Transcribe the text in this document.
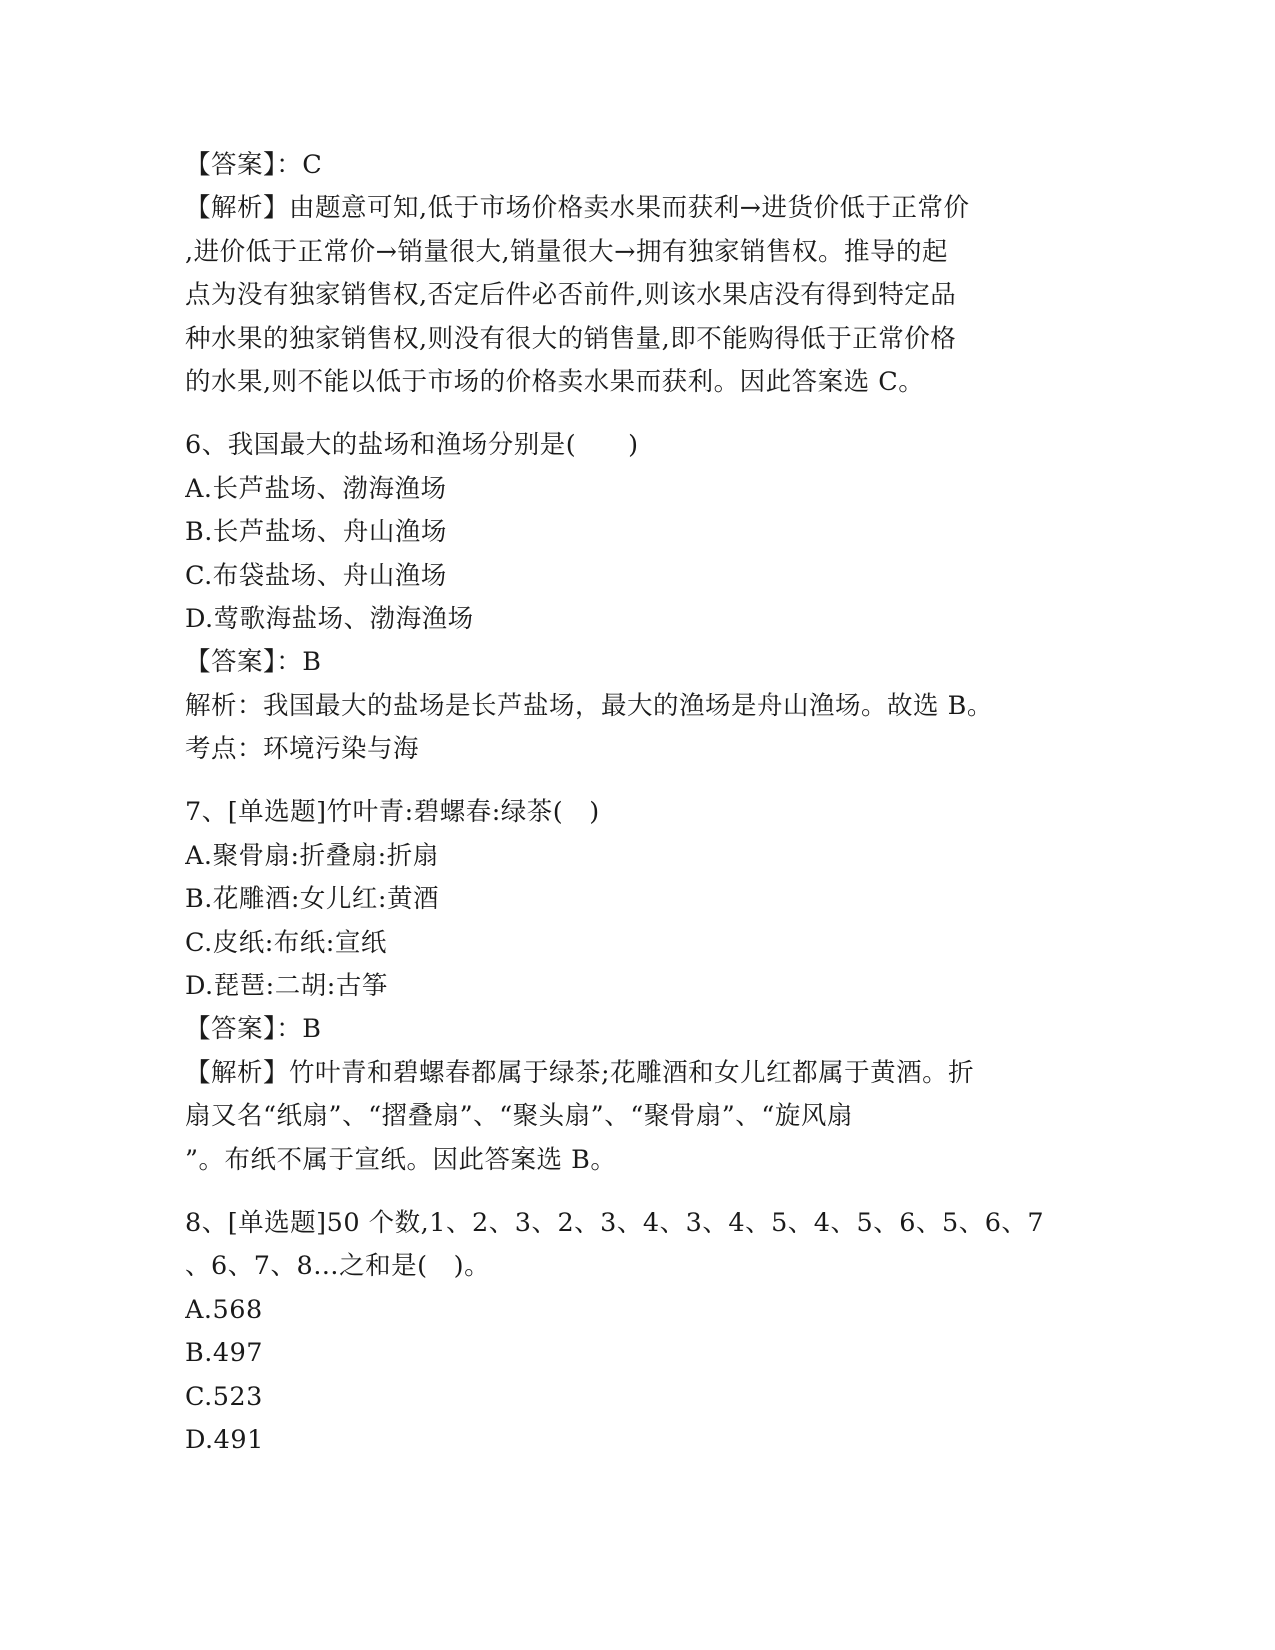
【答案】：C
【解析】由题意可知,低于市场价格卖水果而获利→进货价低于正常价
,进价低于正常价→销量很大,销量很大→拥有独家销售权。推导的起
点为没有独家销售权,否定后件必否前件,则该水果店没有得到特定品
种水果的独家销售权,则没有很大的销售量,即不能购得低于正常价格
的水果,则不能以低于市场的价格卖水果而获利。因此答案选 C。
6、我国最大的盐场和渔场分别是(　　)
A.长芦盐场、渤海渔场
B.长芦盐场、舟山渔场
C.布袋盐场、舟山渔场
D.莺歌海盐场、渤海渔场
【答案】：B
解析：我国最大的盐场是长芦盐场，最大的渔场是舟山渔场。故选 B。
考点：环境污染与海
7、[单选题]竹叶青:碧螺春:绿茶(　)
A.聚骨扇:折叠扇:折扇
B.花雕酒:女儿红:黄酒
C.皮纸:布纸:宣纸
D.琵琶:二胡:古筝
【答案】：B
【解析】竹叶青和碧螺春都属于绿茶;花雕酒和女儿红都属于黄酒。折
扇又名“纸扇”、“摺叠扇”、“聚头扇”、“聚骨扇”、“旋风扇
”。布纸不属于宣纸。因此答案选 B。
8、[单选题]50 个数,1、2、3、2、3、4、3、4、5、4、5、6、5、6、7
、6、7、8…之和是(　)。
A.568
B.497
C.523
D.491
